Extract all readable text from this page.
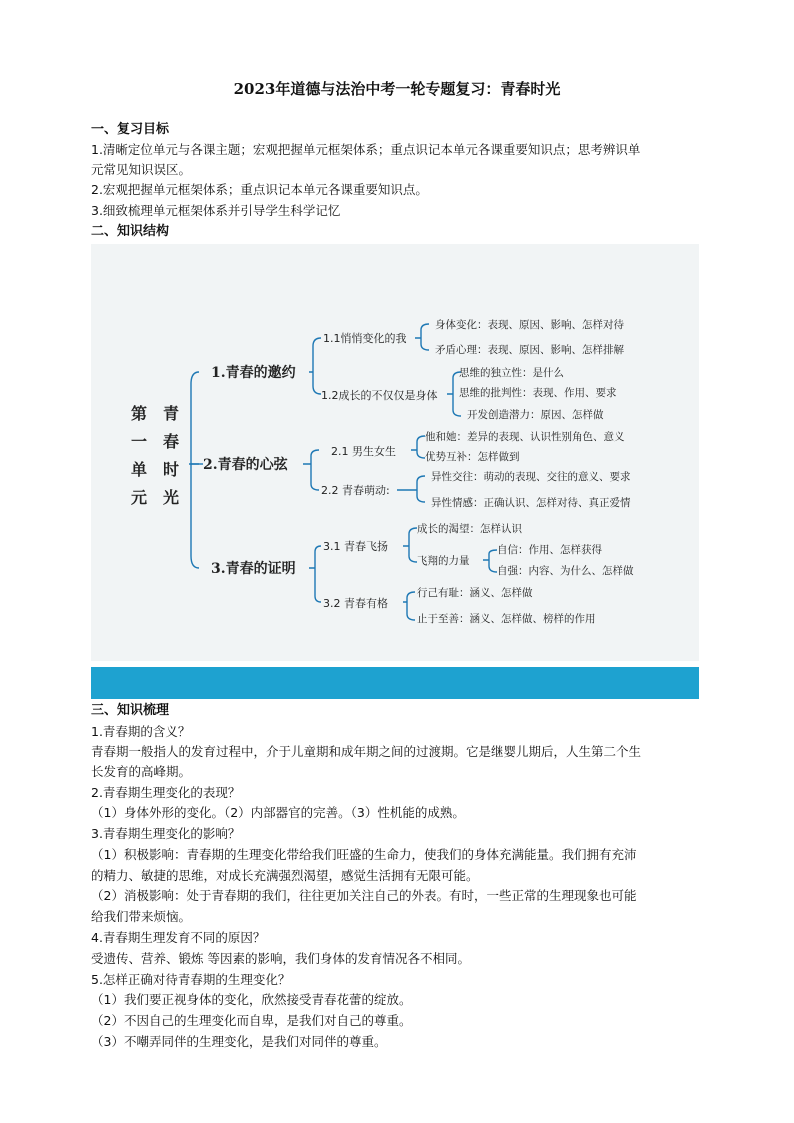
2023年道德与法治中考一轮专题复习：青春时光
一、复习目标
1.清晰定位单元与各课主题；宏观把握单元框架体系；重点识记本单元各课重要知识点；思考辨识单
元常见知识误区。
2.宏观把握单元框架体系；重点识记本单元各课重要知识点。
3.细致梳理单元框架体系并引导学生科学记忆
二、知识结构
第
一
单
元
青
春
时
光
1.青春的邀约
2.青春的心弦
3.青春的证明
1.1悄悄变化的我
1.2成长的不仅仅是身体
2.1 男生女生
2.2 青春萌动:
3.1 青春飞扬
3.2 青春有格
身体变化：表现、原因、影响、怎样对待
矛盾心理：表现、原因、影响、怎样排解
思维的独立性：是什么
思维的批判性：表现、作用、要求
开发创造潜力：原因、怎样做
他和她：差异的表现、认识性别角色、意义
优势互补：怎样做到
异性交往：萌动的表现、交往的意义、要求
异性情感：正确认识、怎样对待、真正爱情
成长的渴望：怎样认识
飞翔的力量
自信：作用、怎样获得
自强：内容、为什么、怎样做
行己有耻：涵义、怎样做
止于至善：涵义、怎样做、榜样的作用
三、知识梳理
1.青春期的含义？
青春期一般指人的发育过程中，介于儿童期和成年期之间的过渡期。它是继婴儿期后，人生第二个生
长发育的高峰期。
2.青春期生理变化的表现？
（1）身体外形的变化。（2）内部器官的完善。（3）性机能的成熟。
3.青春期生理变化的影响？
（1）积极影响：青春期的生理变化带给我们旺盛的生命力，使我们的身体充满能量。我们拥有充沛
的精力、敏捷的思维，对成长充满强烈渴望，感觉生活拥有无限可能。
（2）消极影响：处于青春期的我们，往往更加关注自己的外表。有时，一些正常的生理现象也可能
给我们带来烦恼。
4.青春期生理发育不同的原因？
受遗传、营养、锻炼 等因素的影响，我们身体的发育情况各不相同。
5.怎样正确对待青春期的生理变化？
（1）我们要正视身体的变化，欣然接受青春花蕾的绽放。
（2）不因自己的生理变化而自卑，是我们对自己的尊重。
（3）不嘲弄同伴的生理变化，是我们对同伴的尊重。
